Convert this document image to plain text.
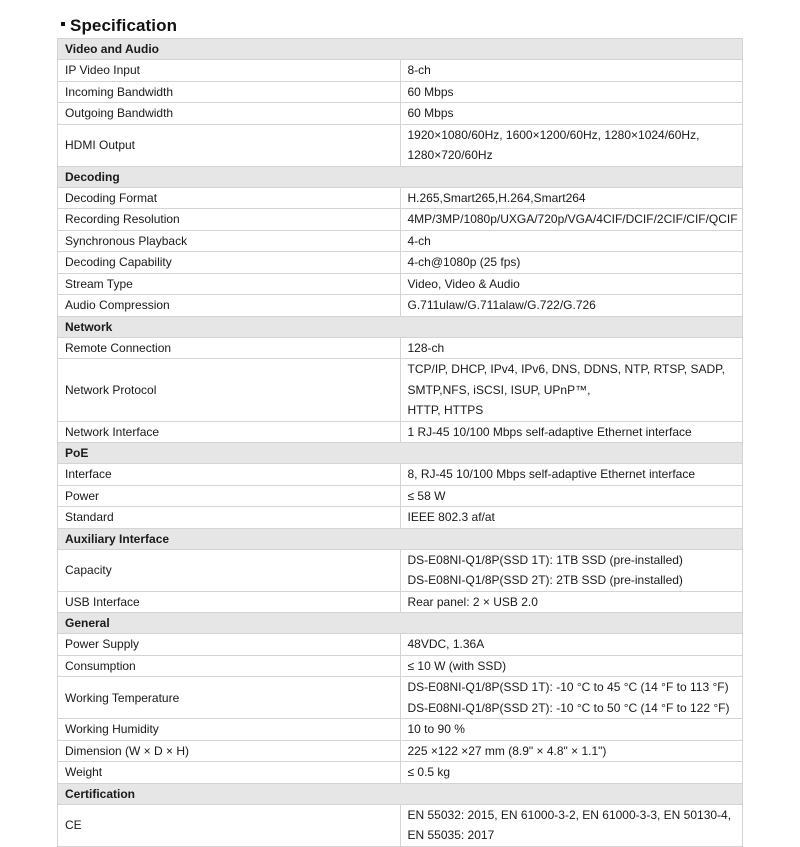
Specification
Video and Audio	
IP Video Input	8-ch

Incoming Bandwidth	60 Mbps

Outgoing Bandwidth	60 Mbps

HDMI Output	1920×1080/60Hz, 1600×1200/60Hz, 1280×1024/60Hz, 1280×720/60Hz

Decoding	
Decoding Format	H.265,Smart265,H.264,Smart264

Recording Resolution	4MP/3MP/1080p/UXGA/720p/VGA/4CIF/DCIF/2CIF/CIF/QCIF

Synchronous Playback	4-ch

Decoding Capability	4-ch@1080p (25 fps)

Stream Type	Video, Video & Audio

Audio Compression	G.711ulaw/G.711alaw/G.722/G.726

Network	
Remote Connection	128-ch

Network Protocol	TCP/IP, DHCP, IPv4, IPv6, DNS, DDNS, NTP, RTSP, SADP, SMTP,NFS, iSCSI, ISUP, UPnP™,
HTTP, HTTPS

Network Interface	1 RJ-45 10/100 Mbps self-adaptive Ethernet interface

PoE	
Interface	8, RJ-45 10/100 Mbps self-adaptive Ethernet interface

Power	≤ 58 W

Standard	IEEE 802.3 af/at

Auxiliary Interface	
Capacity	DS-E08NI-Q1/8P(SSD 1T): 1TB SSD (pre-installed)
DS-E08NI-Q1/8P(SSD 2T): 2TB SSD (pre-installed)

USB Interface	Rear panel: 2 × USB 2.0

General	
Power Supply	48VDC, 1.36A

Consumption	≤ 10 W (with SSD)

Working Temperature	DS-E08NI-Q1/8P(SSD 1T): -10 °C to 45 °C (14 °F to 113 °F)
DS-E08NI-Q1/8P(SSD 2T): -10 °C to 50 °C (14 °F to 122 °F)

Working Humidity	10 to 90 %

Dimension (W × D × H)	225 ×122 ×27 mm (8.9" × 4.8" × 1.1")

Weight	≤ 0.5 kg

Certification	
CE	EN 55032: 2015, EN 61000-3-2, EN 61000-3-3, EN 50130-4, EN 55035: 2017
